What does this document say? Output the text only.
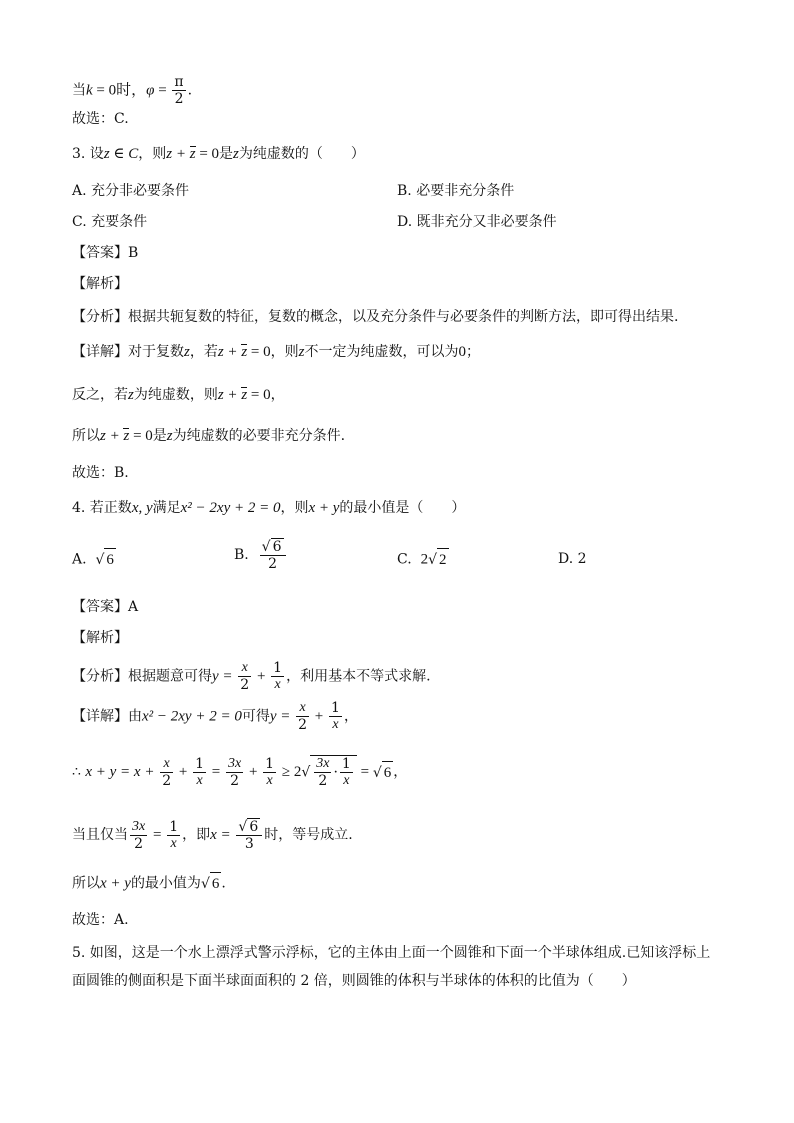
当k = 0时，$\varphi = \frac{\pi}{2}$ .
故选：C.
3. 设z ∈ C，则z + z = 0是z为纯虚数的（　　）
A. 充分非必要条件	B. 必要非充分条件
C. 充要条件	D. 既非充分又非必要条件
【答案】B
【解析】
【分析】根据共轭复数的特征，复数的概念，以及充分条件与必要条件的判断方法，即可得出结果.
【详解】对于复数z，若z + z = 0，则z不一定为纯虚数，可以为0；
反之，若z为纯虚数，则z + z = 0，
所以z + z = 0是z为纯虚数的必要非充分条件.
故选：B.
4. 若正数x, y满足x² − 2xy + 2 = 0，则x + y的最小值是（　　）
A. √ 6	B. $\frac{√ 6}{2}$	C. 2√ 2	D. 2
【答案】A
【解析】
【分析】根据题意可得$y = \frac{x}{2} + \frac{1}{x}$ ，利用基本不等式求解.
【详解】由x² − 2xy + 2 = 0可得$y = \frac{x}{2} + \frac{1}{x}$ ，
∴ $x + y = x + \frac{x}{2} + \frac{1}{x} = \frac{3x}{2} + \frac{1}{x} \ge 2√ \frac{3x}{2} \cdot \frac{1}{x}$ = √ 6 ，
当且仅当 $\frac{3x}{2} = \frac{1}{x}$ ，即$x = \frac{√ 6}{3}$ 时，等号成立.
所以x + y的最小值为√ 6 .
故选：A.
5. 如图，这是一个水上漂浮式警示浮标，它的主体由上面一个圆锥和下面一个半球体组成.已知该浮标上
面圆锥的侧面积是下面半球面面积的 2 倍，则圆锥的体积与半球体的体积的比值为（　　）
